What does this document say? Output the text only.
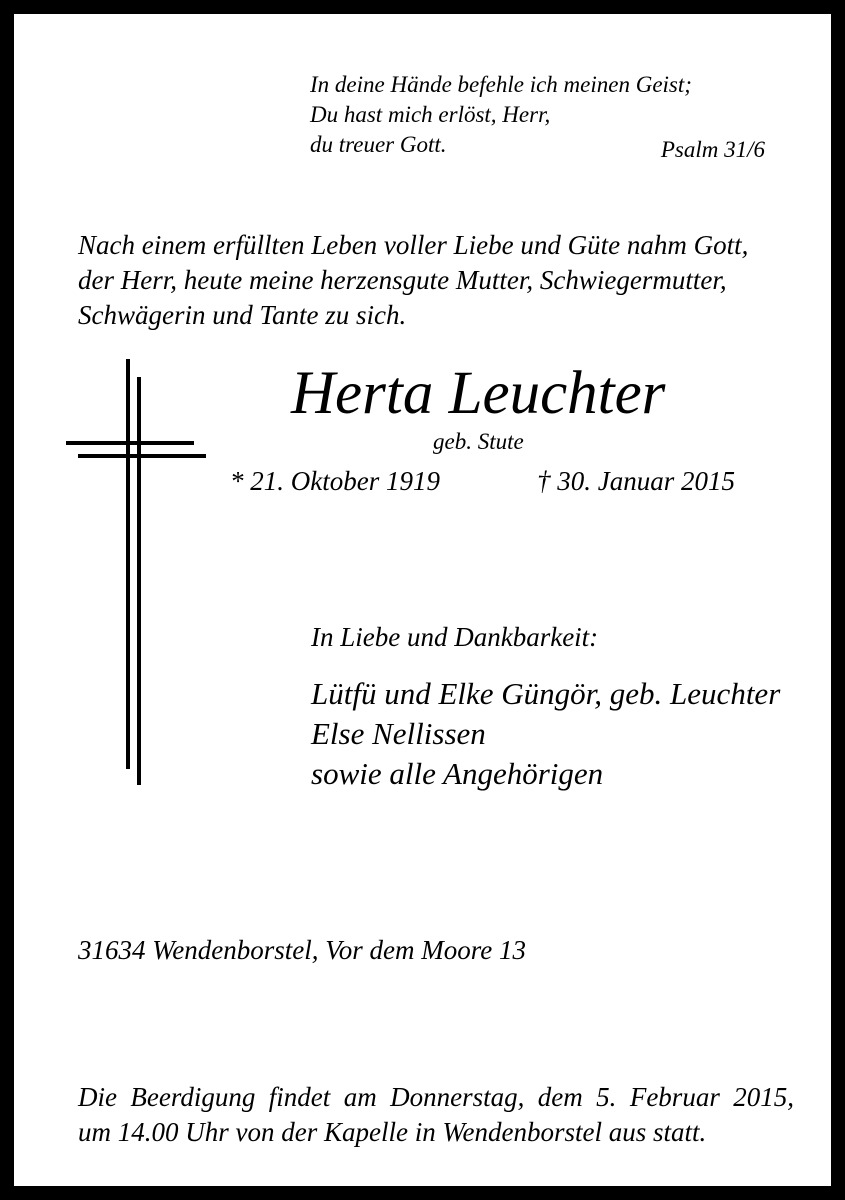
In deine Hände befehle ich meinen Geist;
Du hast mich erlöst, Herr,
du treuer Gott.	Psalm 31/6
Nach einem erfüllten Leben voller Liebe und Güte nahm Gott,
der Herr, heute meine herzensgute Mutter, Schwiegermutter,
Schwägerin und Tante zu sich.
Herta Leuchter
geb. Stute
* 21. Oktober 1919	† 30. Januar 2015
In Liebe und Dankbarkeit:
Lütfü und Elke Güngör, geb. Leuchter
Else Nellissen
sowie alle Angehörigen
31634 Wendenborstel, Vor dem Moore 13
Die Beerdigung findet am Donnerstag, dem 5. Februar 2015,
um 14.00 Uhr von der Kapelle in Wendenborstel aus statt.
